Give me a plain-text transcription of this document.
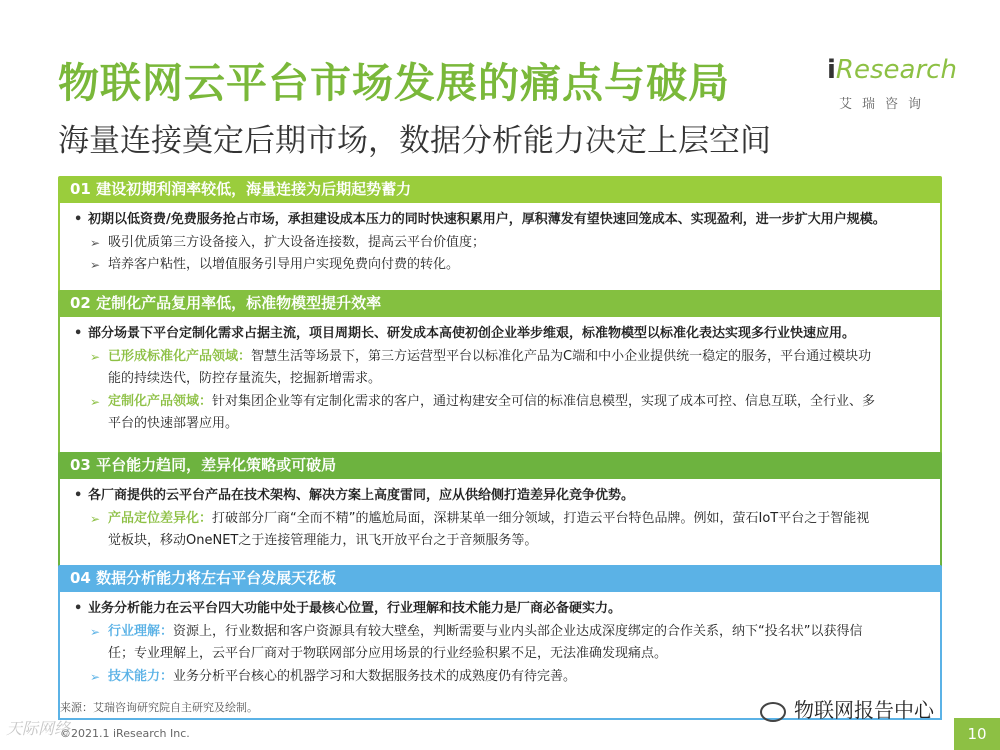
物联网云平台市场发展的痛点与破局
海量连接奠定后期市场，数据分析能力决定上层空间
iResearch
艾瑞咨询
01 建设初期利润率较低，海量连接为后期起势蓄力
• 初期以低资费/免费服务抢占市场，承担建设成本压力的同时快速积累用户，厚积薄发有望快速回笼成本、实现盈利，进一步扩大用户规模。
➢ 吸引优质第三方设备接入，扩大设备连接数，提高云平台价值度；
➢ 培养客户粘性，以增值服务引导用户实现免费向付费的转化。
02 定制化产品复用率低，标准物模型提升效率
• 部分场景下平台定制化需求占据主流，项目周期长、研发成本高使初创企业举步维艰，标准物模型以标准化表达实现多行业快速应用。
➢ 已形成标准化产品领域：智慧生活等场景下，第三方运营型平台以标准化产品为C端和中小企业提供统一稳定的服务，平台通过模块功
能的持续迭代，防控存量流失，挖掘新增需求。
➢ 定制化产品领域：针对集团企业等有定制化需求的客户，通过构建安全可信的标准信息模型，实现了成本可控、信息互联，全行业、多
平台的快速部署应用。
03 平台能力趋同，差异化策略或可破局
• 各厂商提供的云平台产品在技术架构、解决方案上高度雷同，应从供给侧打造差异化竞争优势。
➢ 产品定位差异化：打破部分厂商“全而不精”的尴尬局面，深耕某单一细分领域，打造云平台特色品牌。例如，萤石IoT平台之于智能视
觉板块，移动OneNET之于连接管理能力，讯飞开放平台之于音频服务等。
04 数据分析能力将左右平台发展天花板
• 业务分析能力在云平台四大功能中处于最核心位置，行业理解和技术能力是厂商必备硬实力。
➢ 行业理解：资源上，行业数据和客户资源具有较大壁垒，判断需要与业内头部企业达成深度绑定的合作关系，纳下“投名状”以获得信
任；专业理解上，云平台厂商对于物联网部分应用场景的行业经验积累不足，无法准确发现痛点。
➢ 技术能力：业务分析平台核心的机器学习和大数据服务技术的成熟度仍有待完善。
来源：艾瑞咨询研究院自主研究及绘制。
天际网络
©2021.1 iResearch Inc.
物联网报告中心
10
